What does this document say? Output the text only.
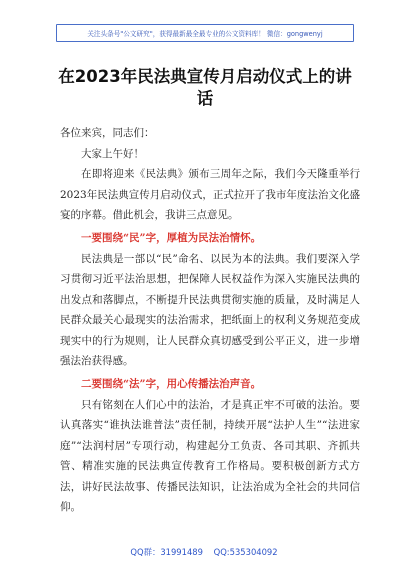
关注头条号"公文研究"，获得最新最全最专业的公文资料库！ 微信：gongwenyj
在2023年民法典宣传月启动仪式上的讲
话

各位来宾，同志们：

大家上午好！

在即将迎来《民法典》颁布三周年之际，我们今天隆重举行2023年民法典宣传月启动仪式，正式拉开了我市年度法治文化盛宴的序幕。借此机会，我讲三点意见。

一要围绕“民”字，厚植为民法治情怀。

民法典是一部以“民”命名、以民为本的法典。我们要深入学习贯彻习近平法治思想，把保障人民权益作为深入实施民法典的出发点和落脚点，不断提升民法典贯彻实施的质量，及时满足人民群众最关心最现实的法治需求，把纸面上的权利义务规范变成现实中的行为规则，让人民群众真切感受到公平正义，进一步增强法治获得感。

二要围绕“法”字，用心传播法治声音。

只有铭刻在人们心中的法治，才是真正牢不可破的法治。要认真落实“谁执法谁普法”责任制，持续开展“法护人生”“法进家庭”“法润村居”专项行动，构建起分工负责、各司其职、齐抓共管、精准实施的民法典宣传教育工作格局。要积极创新方式方法，讲好民法故事、传播民法知识，让法治成为全社会的共同信仰。

QQ群：31991489 QQ:535304092
